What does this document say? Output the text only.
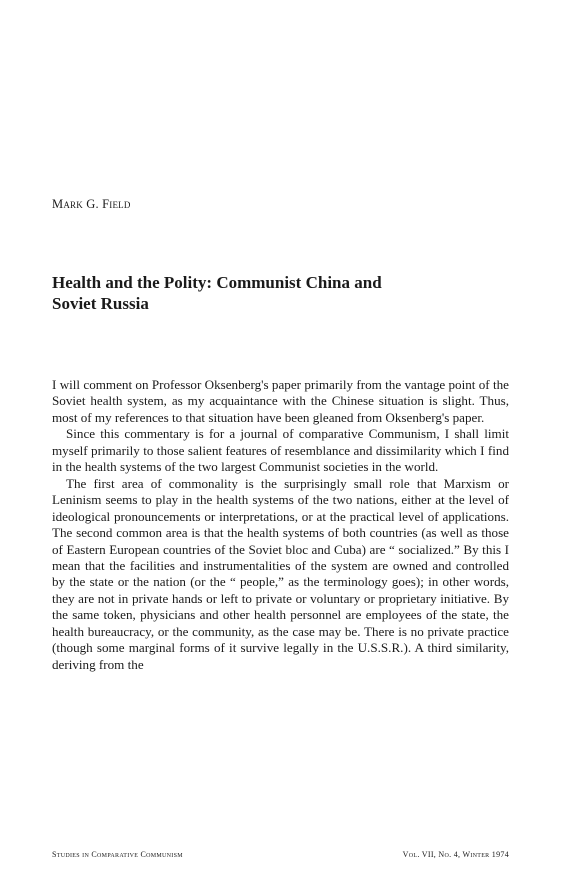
Mark G. Field
Health and the Polity: Communist China and
Soviet Russia

I will comment on Professor Oksenberg's paper primarily from the vantage point of the Soviet health system, as my acquaintance with the Chinese situation is slight. Thus, most of my references to that situation have been gleaned from Oksenberg's paper.

Since this commentary is for a journal of comparative Communism, I shall limit myself primarily to those salient features of resemblance and dissimilarity which I find in the health systems of the two largest Communist societies in the world.

The first area of commonality is the surprisingly small role that Marxism or Leninism seems to play in the health systems of the two nations, either at the level of ideological pronouncements or interpretations, or at the practical level of applications. The second common area is that the health systems of both countries (as well as those of Eastern European countries of the Soviet bloc and Cuba) are “ socialized.” By this I mean that the facilities and instrumentalities of the system are owned and controlled by the state or the nation (or the “ people,” as the terminology goes); in other words, they are not in private hands or left to private or voluntary or proprietary initiative. By the same token, physicians and other health personnel are employees of the state, the health bureaucracy, or the community, as the case may be. There is no private practice (though some marginal forms of it survive legally in the U.S.S.R.). A third similarity, deriving from the

Studies in Comparative Communism	Vol. VII, No. 4, Winter 1974
